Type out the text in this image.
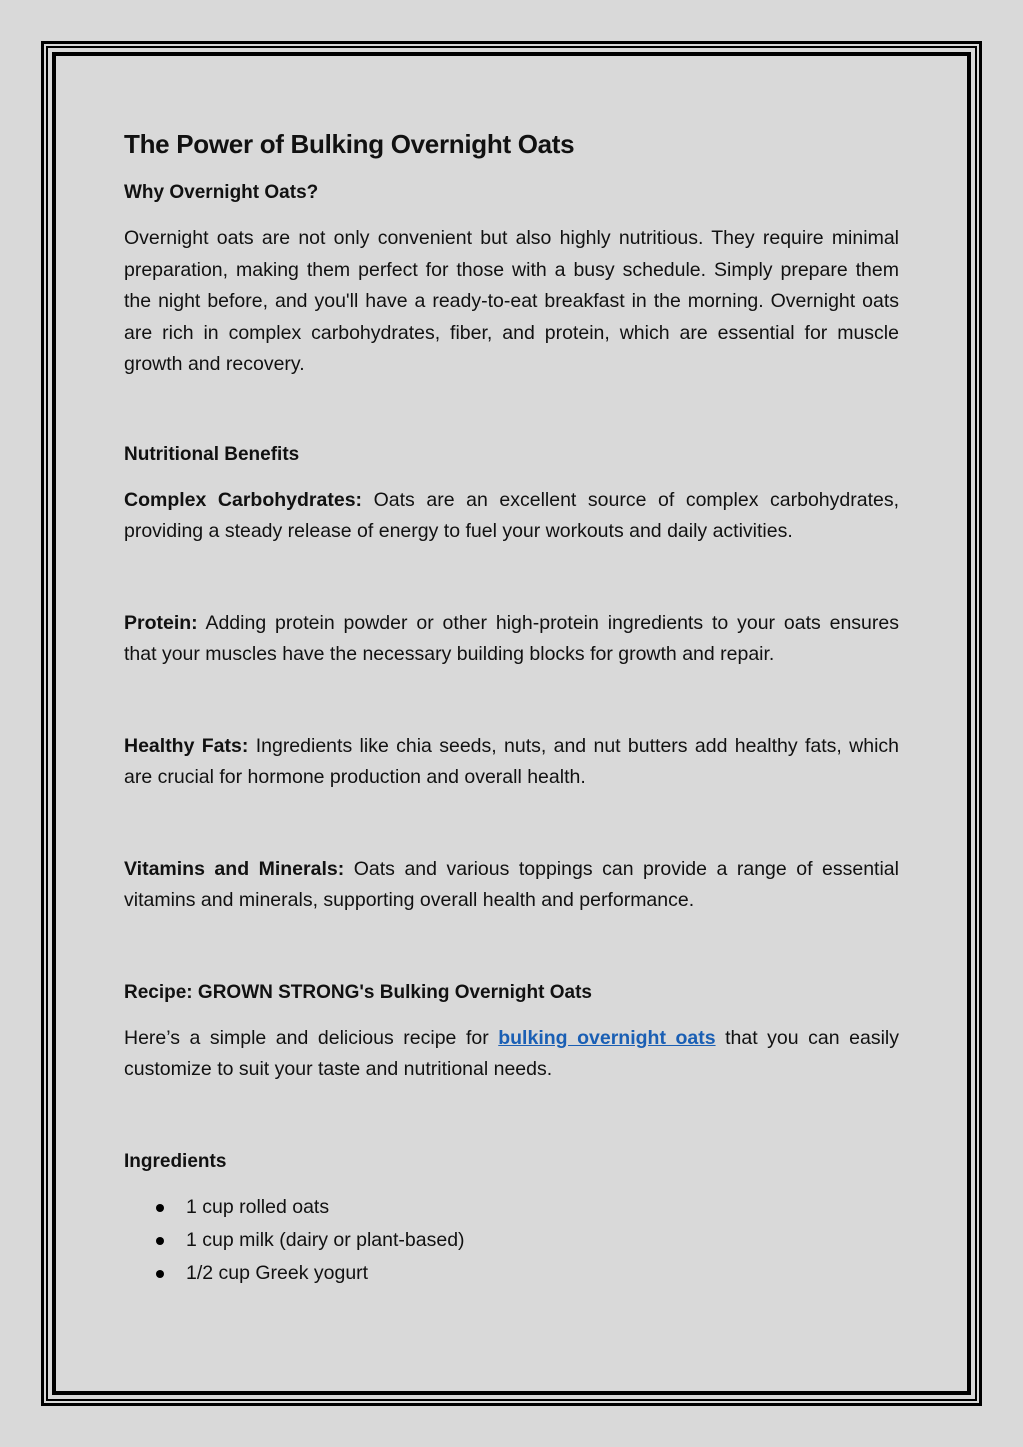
The Power of Bulking Overnight Oats
Why Overnight Oats?

Overnight oats are not only convenient but also highly nutritious. They require minimal preparation, making them perfect for those with a busy schedule. Simply prepare them the night before, and you'll have a ready-to-eat breakfast in the morning. Overnight oats are rich in complex carbohydrates, fiber, and protein, which are essential for muscle growth and recovery.

Nutritional Benefits

Complex Carbohydrates: Oats are an excellent source of complex carbohydrates, providing a steady release of energy to fuel your workouts and daily activities.

Protein: Adding protein powder or other high-protein ingredients to your oats ensures that your muscles have the necessary building blocks for growth and repair.

Healthy Fats: Ingredients like chia seeds, nuts, and nut butters add healthy fats, which are crucial for hormone production and overall health.

Vitamins and Minerals: Oats and various toppings can provide a range of essential vitamins and minerals, supporting overall health and performance.

Recipe: GROWN STRONG's Bulking Overnight Oats

Here’s a simple and delicious recipe for bulking overnight oats that you can easily customize to suit your taste and nutritional needs.

Ingredients
1 cup rolled oats
1 cup milk (dairy or plant-based)
1/2 cup Greek yogurt
